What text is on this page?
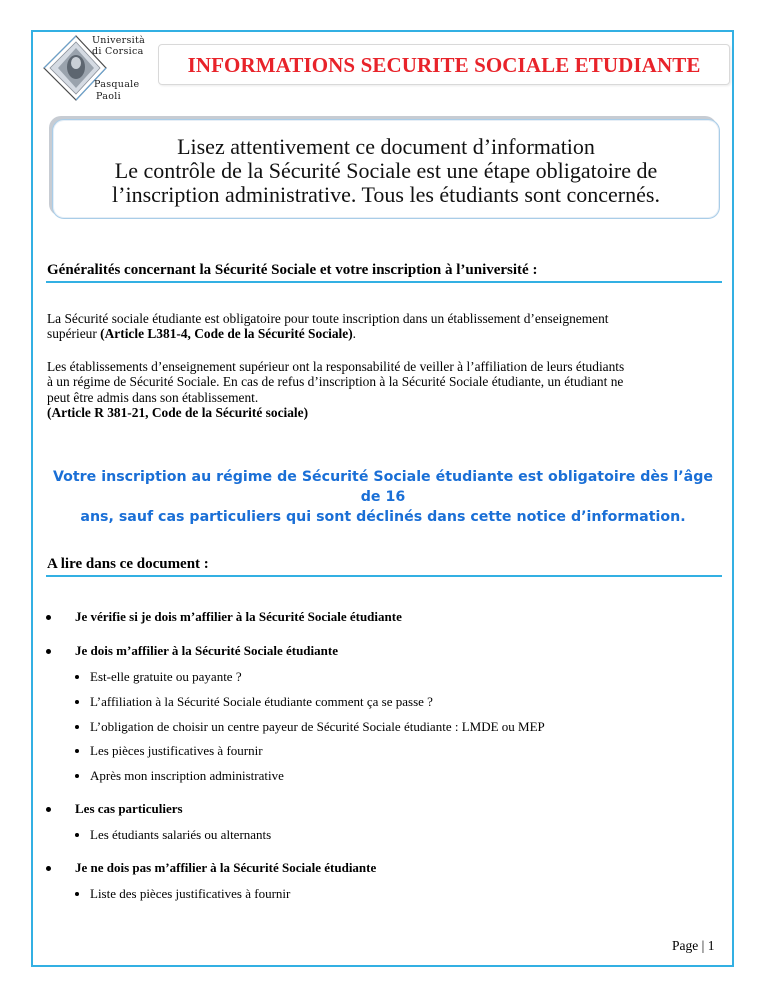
Università
di Corsica
Pasquale
Paoli
INFORMATIONS SECURITE SOCIALE ETUDIANTE
Lisez attentivement ce document d’information
Le contrôle de la Sécurité Sociale est une étape obligatoire de
l’inscription administrative. Tous les étudiants sont concernés.
Généralités concernant la Sécurité Sociale et votre inscription à l’université :
La Sécurité sociale étudiante est obligatoire pour toute inscription dans un établissement d’enseignement
supérieur (Article L381-4, Code de la Sécurité Sociale).
Les établissements d’enseignement supérieur ont la responsabilité de veiller à l’affiliation de leurs étudiants
à un régime de Sécurité Sociale. En cas de refus d’inscription à la Sécurité Sociale étudiante, un étudiant ne
peut être admis dans son établissement.
(Article R 381-21, Code de la Sécurité sociale)
Votre inscription au régime de Sécurité Sociale étudiante est obligatoire dès l’âge de 16
ans, sauf cas particuliers qui sont déclinés dans cette notice d’information.
A lire dans ce document :
Je vérifie si je dois m’affilier à la Sécurité Sociale étudiante
Je dois m’affilier à la Sécurité Sociale étudiante
Est-elle gratuite ou payante ?
L’affiliation à la Sécurité Sociale étudiante comment ça se passe ?
L’obligation de choisir un centre payeur de Sécurité Sociale étudiante : LMDE ou MEP
Les pièces justificatives à fournir
Après mon inscription administrative
Les cas particuliers
Les étudiants salariés ou alternants
Je ne dois pas m’affilier à la Sécurité Sociale étudiante
Liste des pièces justificatives à fournir
Page | 1
